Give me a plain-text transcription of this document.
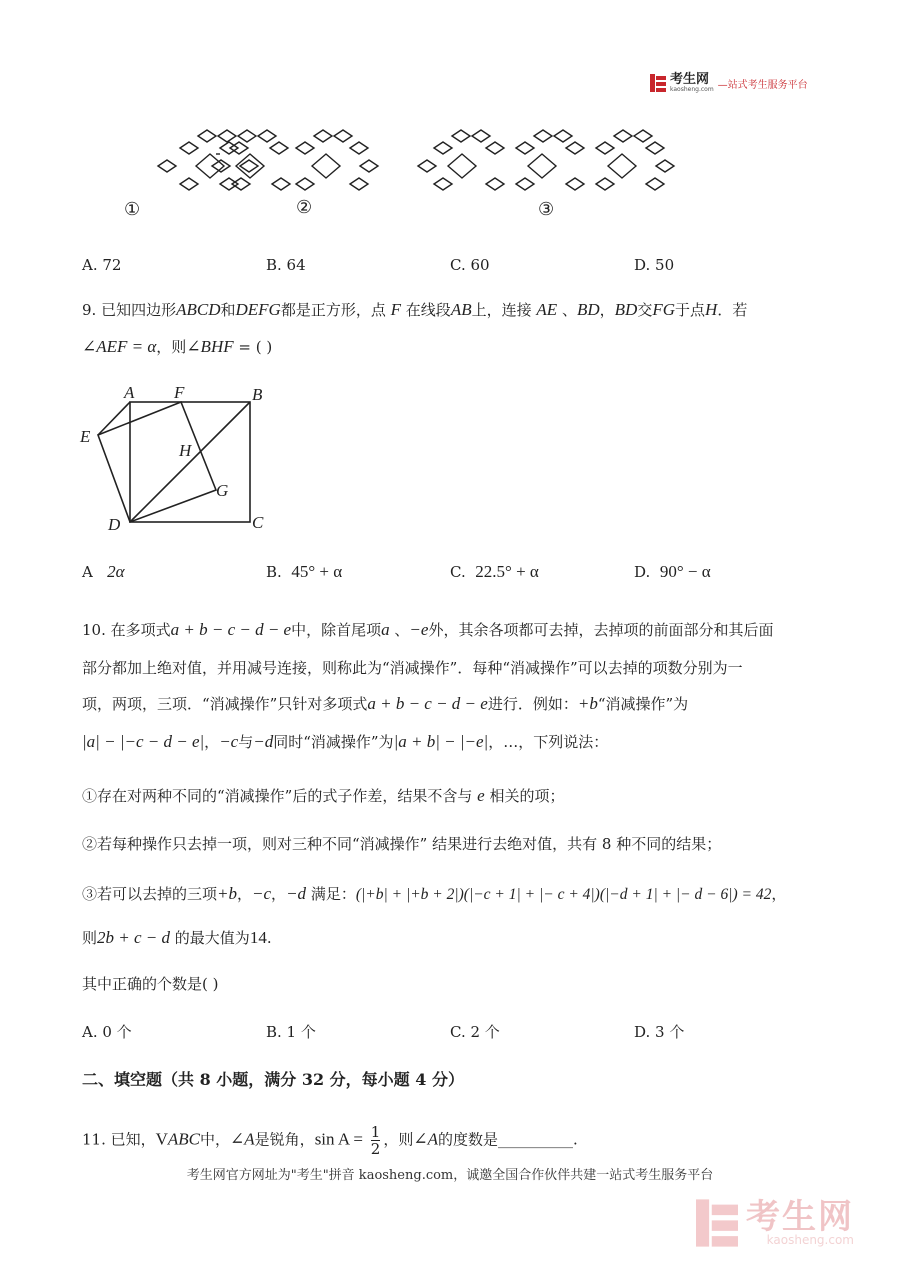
考生网
kaosheng.com —站式考生服务平台
①	②	③
A. 72	B. 64	C. 60	D. 50
9. 已知四边形ABCD和DEFG都是正方形，点 F 在线段AB上，连接 AE 、BD，BD交FG于点H．若
∠AEF = α，则∠BHF = ( )
A F	B
E
H
G
D	C
A 2α	B. 45° + α	C. 22.5° + α	D. 90° − α
10. 在多项式a + b − c − d − e中，除首尾项a 、−e外，其余各项都可去掉，去掉项的前面部分和其后面
部分都加上绝对值，并用减号连接，则称此为“消减操作”．每种“消减操作”可以去掉的项数分别为一
项，两项，三项．“消减操作”只针对多项式a + b − c − d − e进行．例如：+b“消减操作”为
|a| − |−c − d − e|，−c与−d同时“消减操作”为|a + b| − |−e|，…，下列说法：
①存在对两种不同的“消减操作”后的式子作差，结果不含与 e 相关的项；
②若每种操作只去掉一项，则对三种不同“消减操作” 结果进行去绝对值，共有 8 种不同的结果；
③若可以去掉的三项+b，−c，−d 满足：(|+b| + |+b + 2|)(|−c + 1| + |− c + 4|)(|−d + 1| + |− d − 6|) = 42，
则2b + c − d 的最大值为14.
其中正确的个数是( )
A. 0 个	B. 1 个	C. 2 个	D. 3 个
二、填空题（共 8 小题，满分 32 分，每小题 4 分）
11. 已知，VABC中，∠A是锐角，$\sin A = \frac{1}{2}$ ，则∠A的度数是__________.
考生网官方网址为"考生"拼音 kaosheng.com，诚邀全国合作伙伴共建一站式考生服务平台
考生网
kaosheng.com
